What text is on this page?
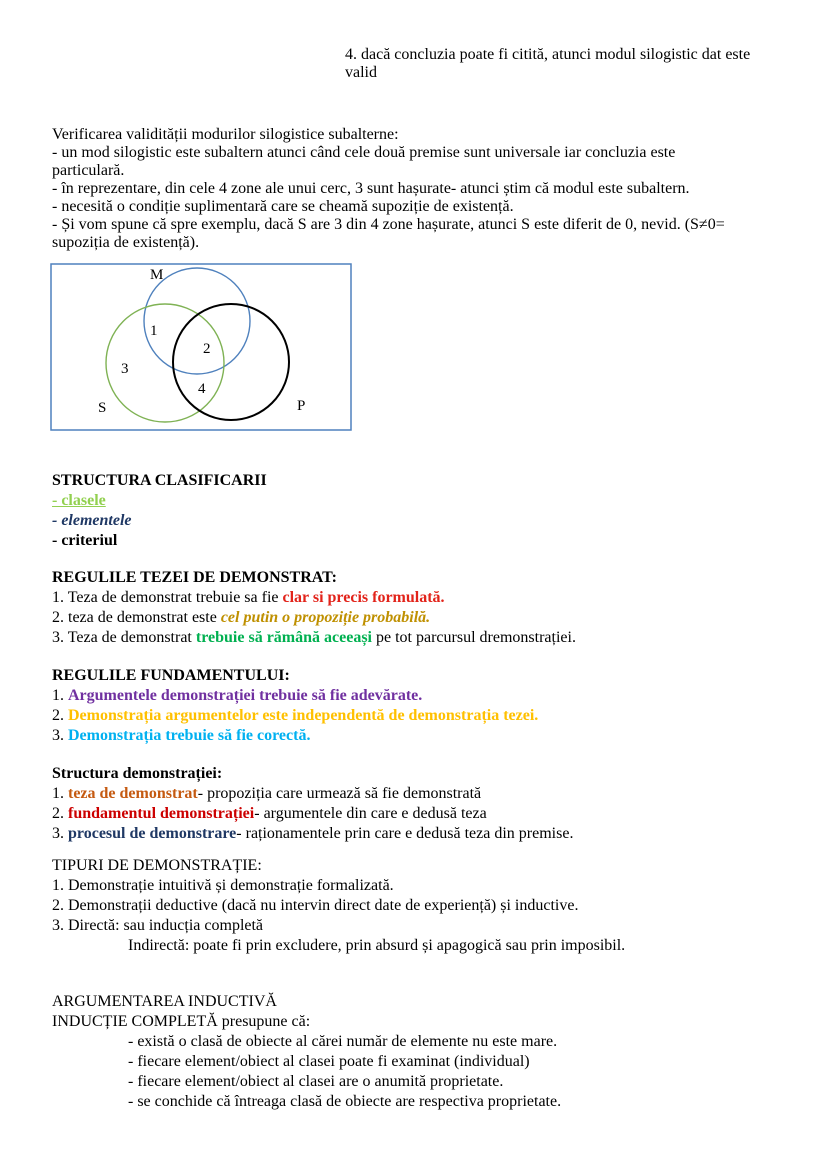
4. dacă concluzia poate fi citită, atunci modul silogistic dat este
valid
Verificarea validității modurilor silogistice subalterne:
- un mod silogistic este subaltern atunci când cele două premise sunt universale iar concluzia este
particulară.
- în reprezentare, din cele 4 zone ale unui cerc, 3 sunt hașurate- atunci știm că modul este subaltern.
- necesită o condiție suplimentară care se cheamă supoziție de existență.
- Și vom spune că spre exemplu, dacă S are 3 din 4 zone hașurate, atunci S este diferit de 0, nevid. (S≠0=
supoziția de existență).
M
S	P
1
2
3
4
STRUCTURA CLASIFICARII
- clasele
- elementele
- criteriul
REGULILE TEZEI DE DEMONSTRAT:
1. Teza de demonstrat trebuie sa fie clar si precis formulată.
2. teza de demonstrat este cel putin o propoziție probabilă.
3. Teza de demonstrat trebuie să rămână aceeași pe tot parcursul dremonstrației.
REGULILE FUNDAMENTULUI:
1. Argumentele demonstrației trebuie să fie adevărate.
2. Demonstrația argumentelor este independentă de demonstrația tezei.
3. Demonstrația trebuie să fie corectă.
Structura demonstrației:
1. teza de demonstrat- propoziția care urmează să fie demonstrată
2. fundamentul demonstrației- argumentele din care e dedusă teza
3. procesul de demonstrare- raționamentele prin care e dedusă teza din premise.
TIPURI DE DEMONSTRAȚIE:
1. Demonstrație intuitivă și demonstrație formalizată.
2. Demonstrații deductive (dacă nu intervin direct date de experiență) și inductive.
3. Directă: sau inducția completă
Indirectă: poate fi prin excludere, prin absurd și apagogică sau prin imposibil.
ARGUMENTAREA INDUCTIVĂ
INDUCȚIE COMPLETĂ presupune că:
- există o clasă de obiecte al cărei număr de elemente nu este mare.
- fiecare element/obiect al clasei poate fi examinat (individual)
- fiecare element/obiect al clasei are o anumită proprietate.
- se conchide că întreaga clasă de obiecte are respectiva proprietate.
